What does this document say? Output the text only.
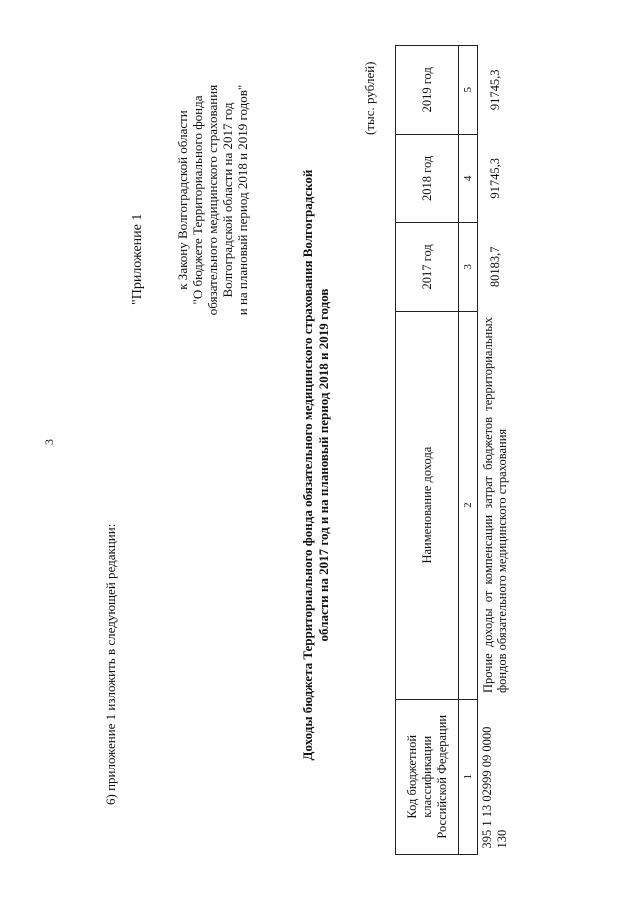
3
6) приложение 1 изложить в следующей редакции:
"Приложение 1 к Закону Волгоградской области "О бюджете Территориального фонда обязательного медицинского страхования Волгоградской области на 2017 год и на плановый период 2018 и 2019 годов"	Доходы бюджета Территориального фонда обязательного медицинского страхования Волгоградской области на 2017 год и на плановый период 2018 и 2019 годов
(тыс. рублей)
Код бюджетной классификации Российской Федерации	Наименование дохода	2017 год	2018 год	2019 год
1	2	3	4	5
395 1 13 02999 09 0000 130	Прочие доходы от компенсации затрат бюджетов территориальных фондов обязательного медицинского страхования	80183,7	91745,3	91745,3
